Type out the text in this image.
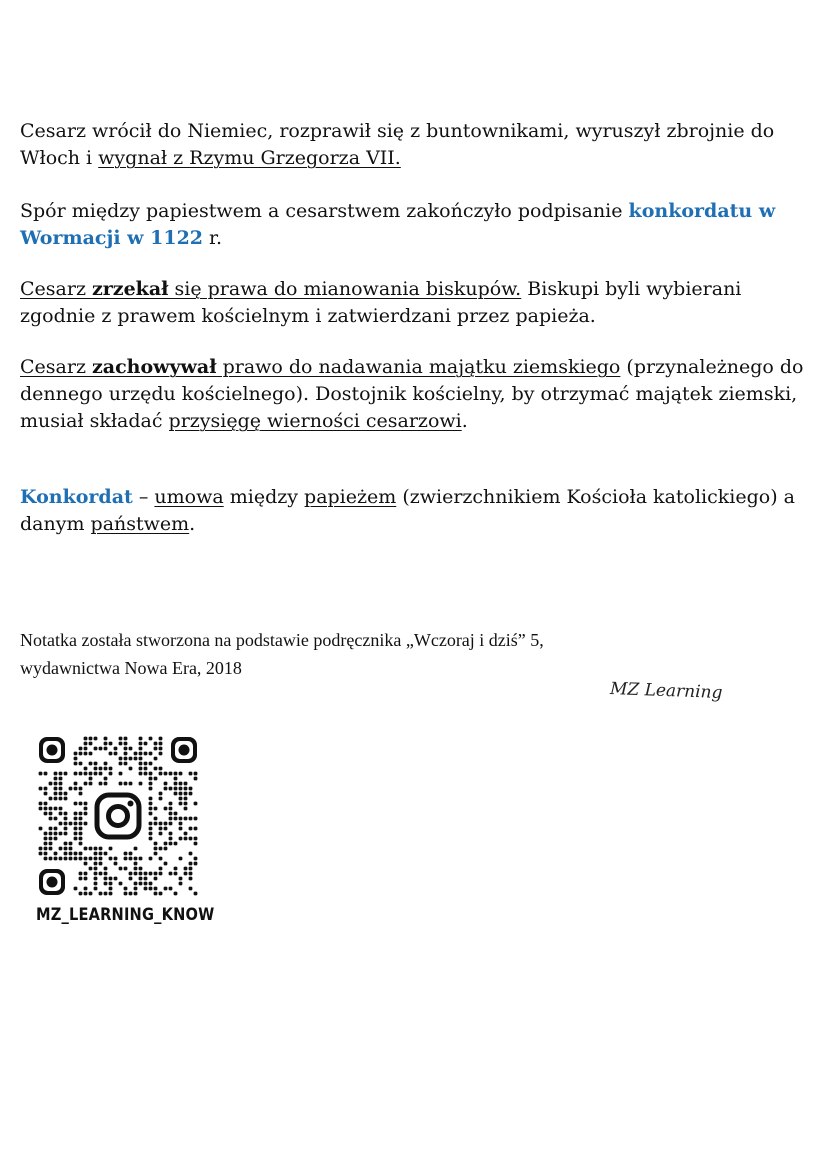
Cesarz wrócił do Niemiec, rozprawił się z buntownikami, wyruszył zbrojnie do Włoch i wygnał z Rzymu Grzegorza VII.

Spór między papiestwem a cesarstwem zakończyło podpisanie konkordatu w Wormacji w 1122 r.

Cesarz zrzekał się prawa do mianowania biskupów. Biskupi byli wybierani zgodnie z prawem kościelnym i zatwierdzani przez papieża.

Cesarz zachowywał prawo do nadawania majątku ziemskiego (przynależnego do dennego urzędu kościelnego). Dostojnik kościelny, by otrzymać majątek ziemski, musiał składać przysięgę wierności cesarzowi.

Konkordat – umowa między papieżem (zwierzchnikiem Kościoła katolickiego) a danym państwem.

Notatka została stworzona na podstawie podręcznika „Wczoraj i dziś” 5,
wydawnictwa Nowa Era, 2018

MZ Learning
MZ_LEARNING_KNOW
